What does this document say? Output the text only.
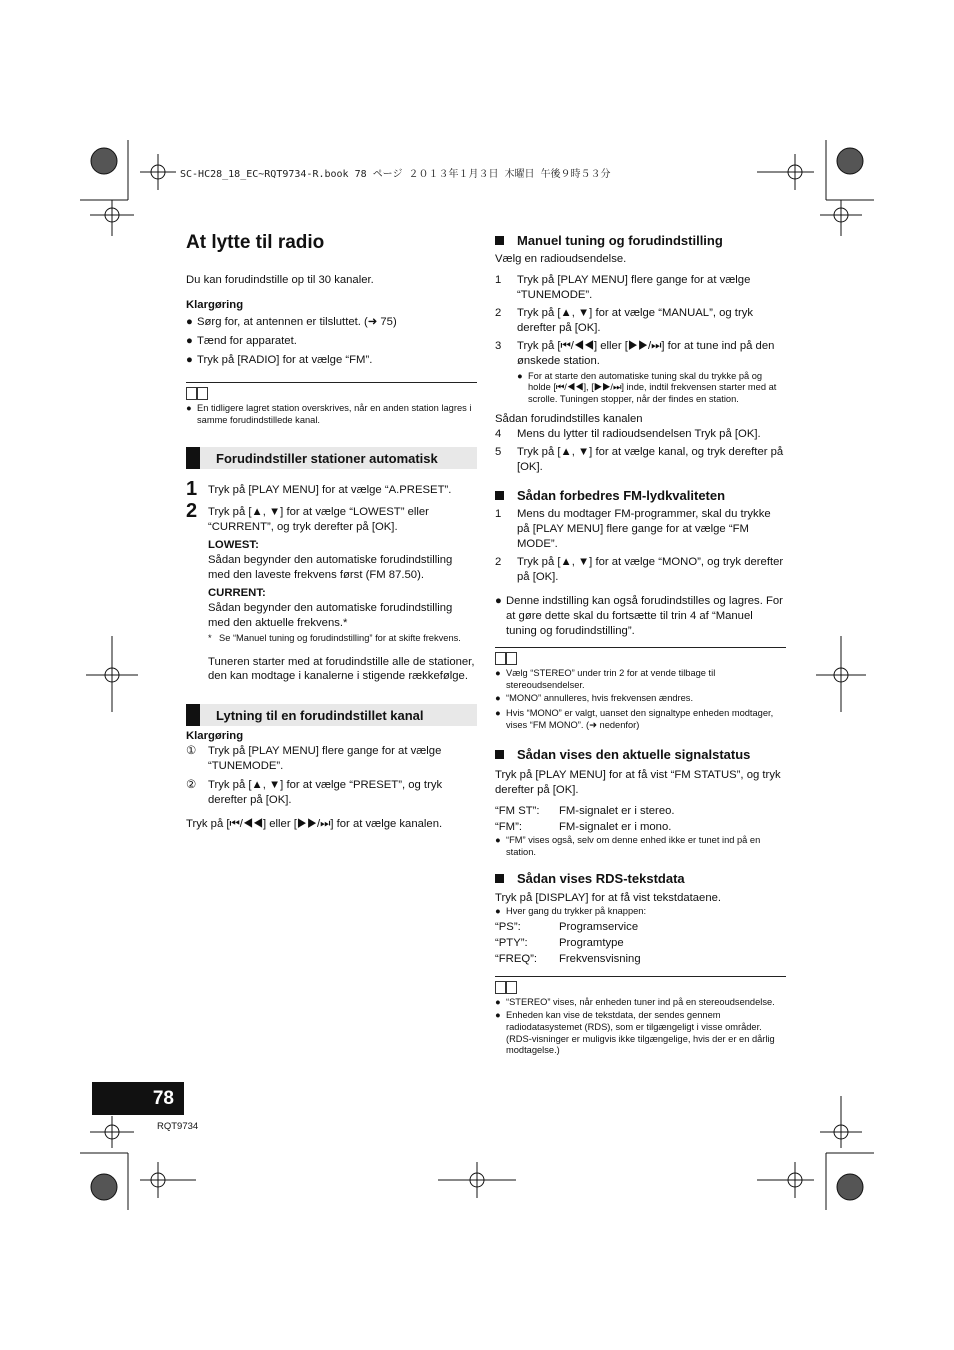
SC-HC28_18_EC~RQT9734-R.book 78 ページ ２０１３年１月３日 木曜日 午後９時５３分
At lytte til radio

Du kan forudindstille op til 30 kanaler.

Klargøring

● Sørg for, at antennen er tilsluttet. (➜ 75)
● Tænd for apparatet.
● Tryk på [RADIO] for at vælge “FM”.
● En tidligere lagret station overskrives, når en anden station lagres i samme forudindstillede kanal.
Forudindstiller stationer automatisk
1 Tryk på [PLAY MENU] for at vælge “A.PRESET”.
2 Tryk på [▲, ▼] for at vælge “LOWEST” eller “CURRENT”, og tryk derefter på [OK].

LOWEST:

Sådan begynder den automatiske forudindstilling med den laveste frekvens først (FM 87.50).

CURRENT:

Sådan begynder den automatiske forudindstilling med den aktuelle frekvens.*

* Se “Manuel tuning og forudindstilling” for at skifte frekvens.

Tuneren starter med at forudindstille alle de stationer, den kan modtage i kanalerne i stigende rækkefølge.

Lytning til en forudindstillet kanal

Klargøring

①	Tryk på [PLAY MENU] flere gange for at vælge “TUNEMODE”.
②	Tryk på [▲, ▼] for at vælge “PRESET”, og tryk derefter på [OK].

Tryk på [⏮/◀◀] eller [▶▶/⏭] for at vælge kanalen.

Manuel tuning og forudindstilling

Vælg en radioudsendelse.

1	Tryk på [PLAY MENU] flere gange for at vælge “TUNEMODE”.
2	Tryk på [▲, ▼] for at vælge “MANUAL”, og tryk derefter på [OK].
3	Tryk på [⏮/◀◀] eller [▶▶/⏭] for at tune ind på den ønskede station.
● For at starte den automatiske tuning skal du trykke på og holde [⏮/◀◀], [▶▶/⏭] inde, indtil frekvensen starter med at scrolle. Tuningen stopper, når der findes en station.

Sådan forudindstilles kanalen

4	Mens du lytter til radioudsendelsen Tryk på [OK].
5	Tryk på [▲, ▼] for at vælge kanal, og tryk derefter på [OK].
Sådan forbedres FM-lydkvaliteten
1	Mens du modtager FM-programmer, skal du trykke på [PLAY MENU] flere gange for at vælge “FM MODE”.
2	Tryk på [▲, ▼] for at vælge “MONO”, og tryk derefter på [OK].
● Denne indstilling kan også forudindstilles og lagres. For at gøre dette skal du fortsætte til trin 4 af “Manuel tuning og forudindstilling”.
● Vælg “STEREO” under trin 2 for at vende tilbage til stereoudsendelser.
● “MONO” annulleres, hvis frekvensen ændres.
● Hvis “MONO” er valgt, uanset den signaltype enheden modtager, vises “FM MONO”. (➜ nedenfor)
Sådan vises den aktuelle signalstatus

Tryk på [PLAY MENU] for at få vist “FM STATUS”, og tryk derefter på [OK].

“FM ST”:	FM-signalet er i stereo.
“FM”:	FM-signalet er i mono.
● “FM” vises også, selv om denne enhed ikke er tunet ind på en station.
Sådan vises RDS-tekstdata

Tryk på [DISPLAY] for at få vist tekstdataene.

● Hver gang du trykker på knappen:
“PS”:	Programservice
“PTY”:	Programtype
“FREQ”:	Frekvensvisning
● “STEREO” vises, når enheden tuner ind på en stereoudsendelse.
● Enheden kan vise de tekstdata, der sendes gennem radiodatasystemet (RDS), som er tilgængeligt i visse områder. (RDS-visninger er muligvis ikke tilgængelige, hvis der er en dårlig modtagelse.)
78
RQT9734
